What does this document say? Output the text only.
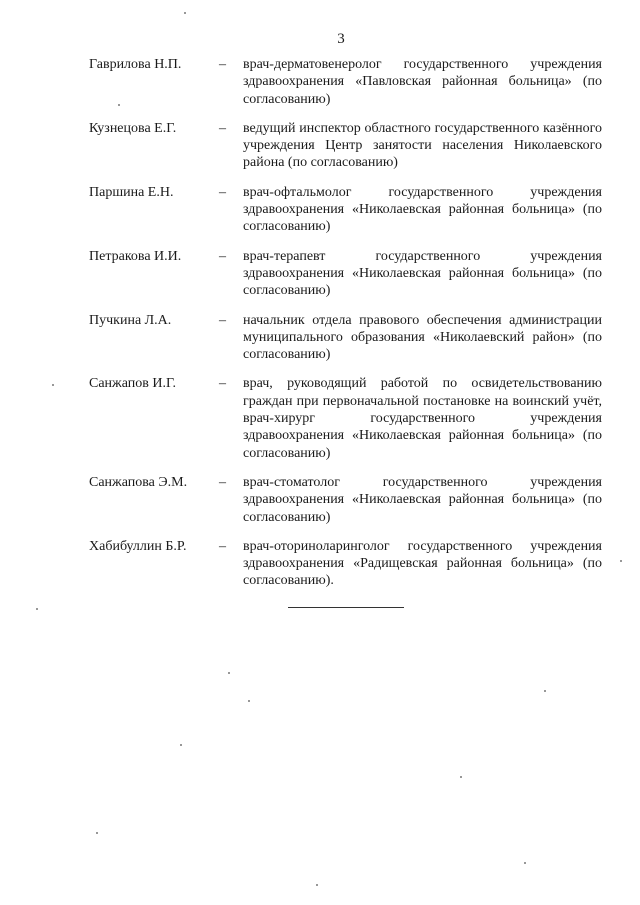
3
Гаврилова Н.П.	–	врач-дерматовенеролог государственного учреждения здравоохранения «Павловская районная больница» (по согласованию)
Кузнецова Е.Г.	–	ведущий инспектор областного государственного казённого учреждения Центр занятости населения Николаевского района (по согласованию)
Паршина Е.Н.	–	врач-офтальмолог государственного учреждения здравоохранения «Николаевская районная больница» (по согласованию)
Петракова И.И.	–	врач-терапевт государственного учреждения здравоохранения «Николаевская районная больница» (по согласованию)
Пучкина Л.А.	–	начальник отдела правового обеспечения администрации муниципального образования «Николаевский район» (по согласованию)
Санжапов И.Г.	–	врач, руководящий работой по освидетельствованию граждан при первоначальной постановке на воинский учёт, врач-хирург государственного учреждения здравоохранения «Николаевская районная больница» (по согласованию)
Санжапова Э.М.	–	врач-стоматолог государственного учреждения здравоохранения «Николаевская районная больница» (по согласованию)
Хабибуллин Б.Р.	–	врач-оториноларинголог государственного учреждения здравоохранения «Радищевская районная больница» (по согласованию).
